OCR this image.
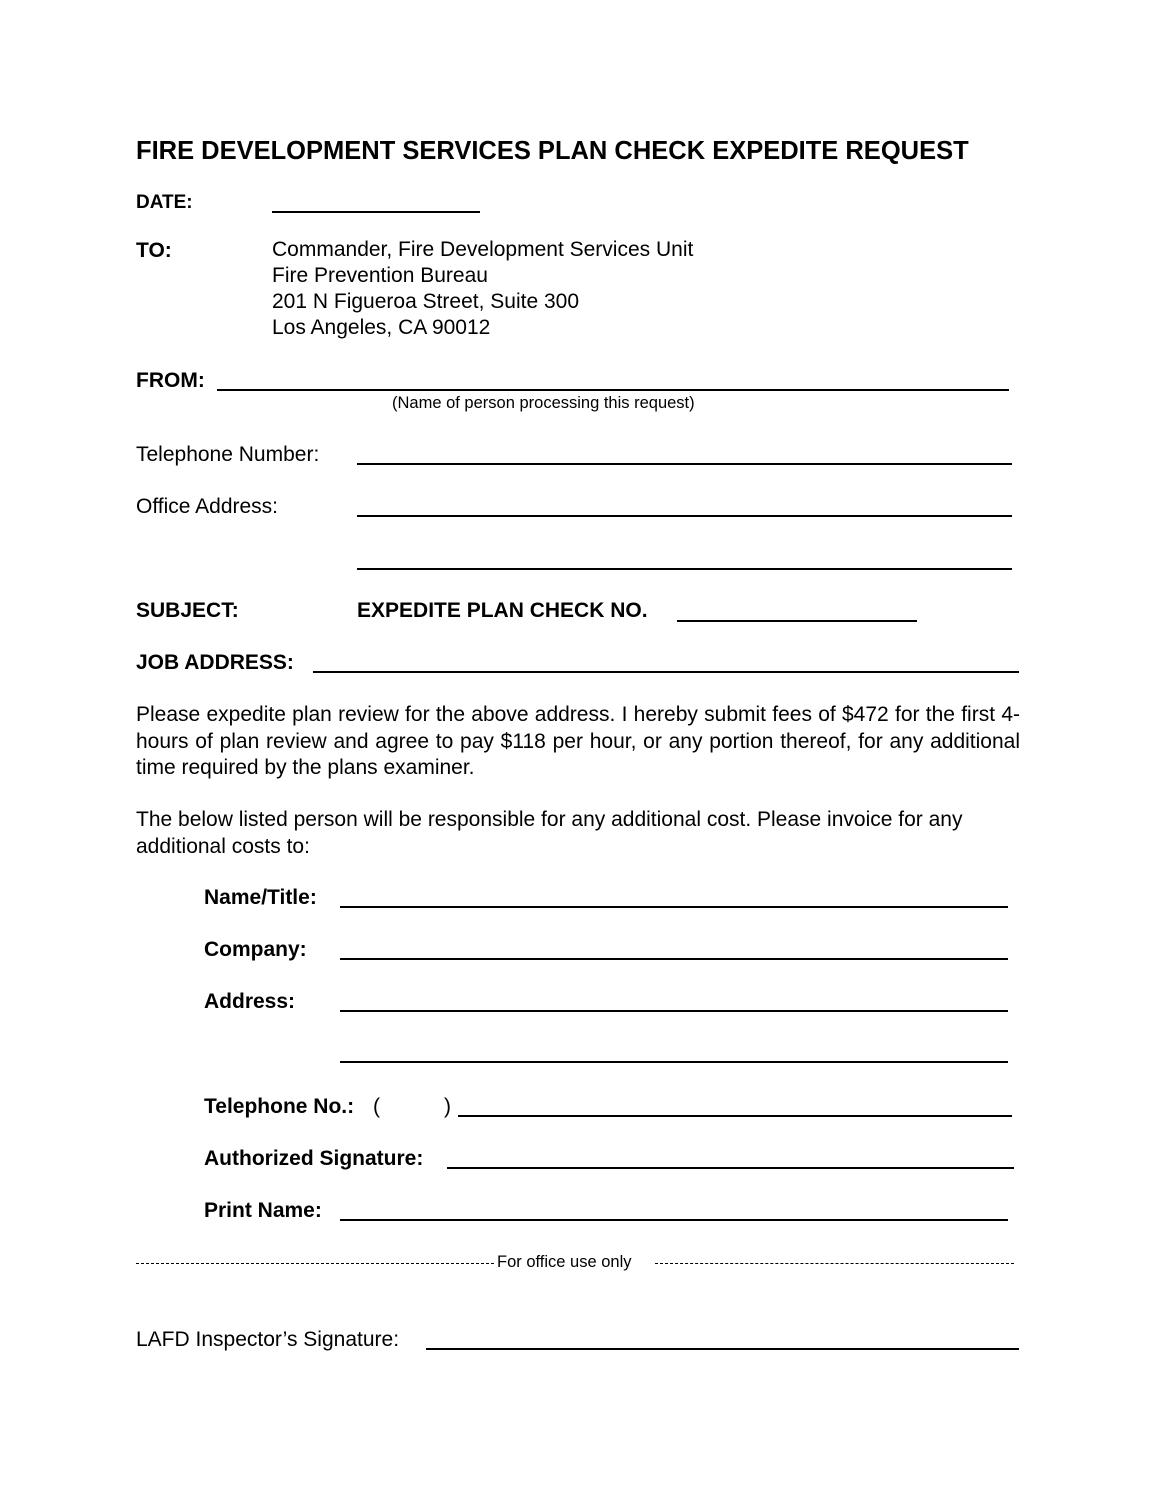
FIRE DEVELOPMENT SERVICES PLAN CHECK EXPEDITE REQUEST
DATE:
TO:	Commander, Fire Development Services Unit
Fire Prevention Bureau
201 N Figueroa Street, Suite 300
Los Angeles, CA 90012
FROM:
(Name of person processing this request)
Telephone Number:
Office Address:
SUBJECT:	EXPEDITE PLAN CHECK NO.
JOB ADDRESS:
Please expedite plan review for the above address. I hereby submit fees of $472 for the first 4-hours of plan review and agree to pay $118 per hour, or any portion thereof, for any additional time required by the plans examiner.
The below listed person will be responsible for any additional cost. Please invoice for any additional costs to:
Name/Title:
Company:
Address:
Telephone No.: (	)
Authorized Signature:
Print Name:
For office use only
LAFD Inspector’s Signature:
